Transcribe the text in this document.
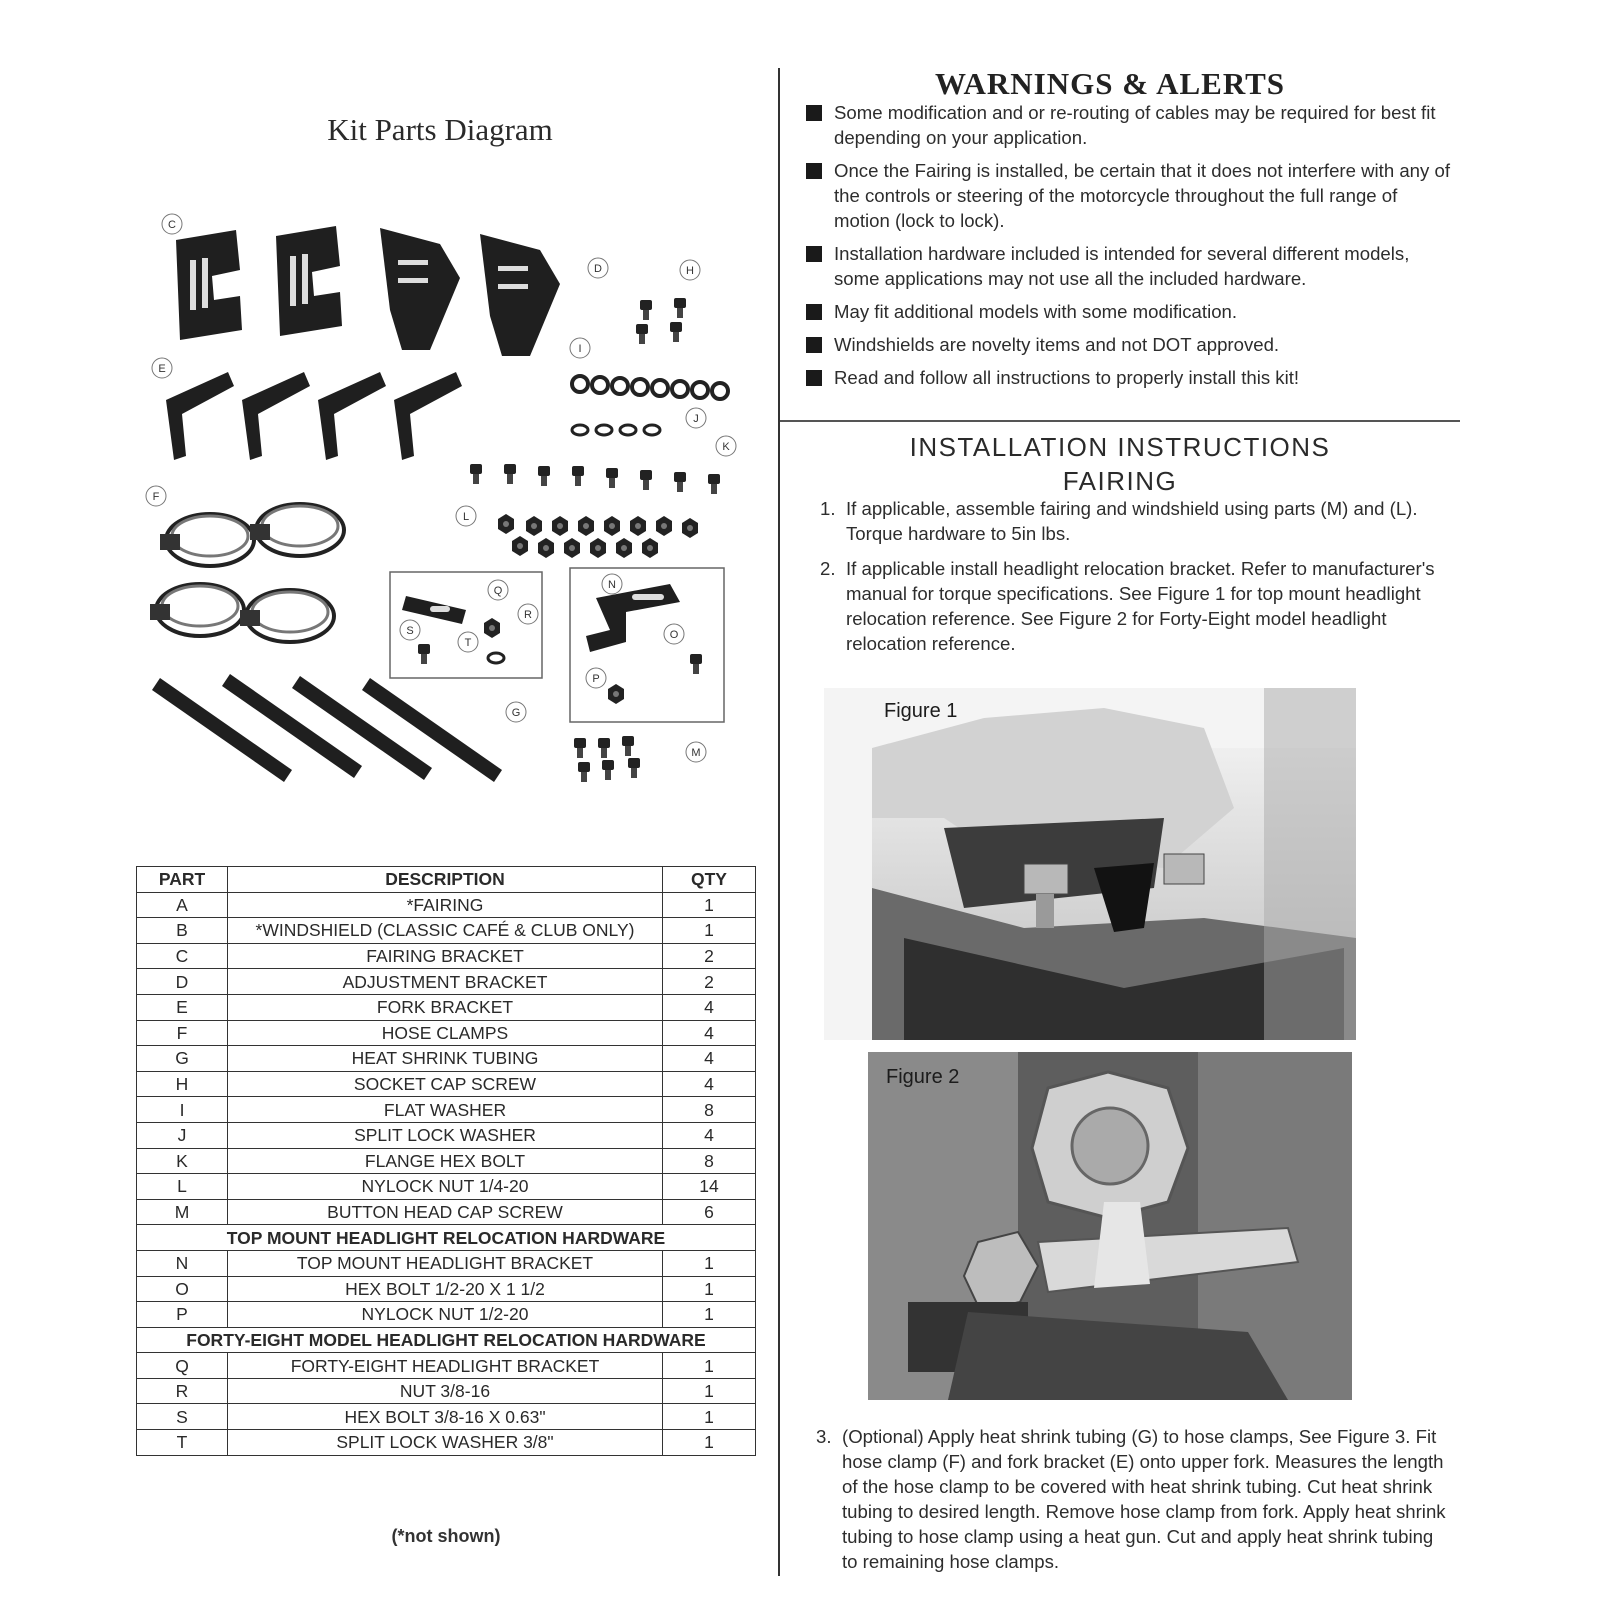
Kit Parts Diagram
C
D	H
E
I
J
K
F
L
Q
R
S
T
N
O
P
G
M
PART	DESCRIPTION	QTY
A	*FAIRING	1
B	*WINDSHIELD (CLASSIC CAFÉ & CLUB ONLY)	1
C	FAIRING BRACKET	2
D	ADJUSTMENT BRACKET	2
E	FORK BRACKET	4
F	HOSE CLAMPS	4
G	HEAT SHRINK TUBING	4
H	SOCKET CAP SCREW	4
I	FLAT WASHER	8
J	SPLIT LOCK WASHER	4
K	FLANGE HEX BOLT	8
L	NYLOCK NUT 1/4-20	14
M	BUTTON HEAD CAP SCREW	6
TOP MOUNT HEADLIGHT RELOCATION HARDWARE		
N	TOP MOUNT HEADLIGHT BRACKET	1
O	HEX BOLT 1/2-20 X 1 1/2	1
P	NYLOCK NUT 1/2-20	1
FORTY-EIGHT MODEL HEADLIGHT RELOCATION HARDWARE		
Q	FORTY-EIGHT HEADLIGHT BRACKET	1
R	NUT 3/8-16	1
S	HEX BOLT 3/8-16 X 0.63"	1
T	SPLIT LOCK WASHER 3/8"	1
(*not shown)
WARNINGS & ALERTS
Some modification and or re-routing of cables may be required for best fit depending on your application.
Once the Fairing is installed, be certain that it does not interfere with any of the controls or steering of the motorcycle throughout the full range of motion (lock to lock).
Installation hardware included is intended for several different models, some applications may not use all the included hardware.
May fit additional models with some modification.
Windshields are novelty items and not DOT approved.
Read and follow all instructions to properly install this kit!
INSTALLATION INSTRUCTIONS
FAIRING
1. If applicable, assemble fairing and windshield using parts (M) and (L). Torque hardware to 5in lbs.
2. If applicable install headlight relocation bracket. Refer to manufacturer's manual for torque specifications. See Figure 1 for top mount headlight relocation reference. See Figure 2 for Forty-Eight model headlight relocation reference.
Figure 1
Figure 2
3. (Optional) Apply heat shrink tubing (G) to hose clamps, See Figure 3. Fit hose clamp (F) and fork bracket (E) onto upper fork. Measures the length of the hose clamp to be covered with heat shrink tubing. Cut heat shrink tubing to desired length. Remove hose clamp from fork. Apply heat shrink tubing to hose clamp using a heat gun. Cut and apply heat shrink tubing to remaining hose clamps.
